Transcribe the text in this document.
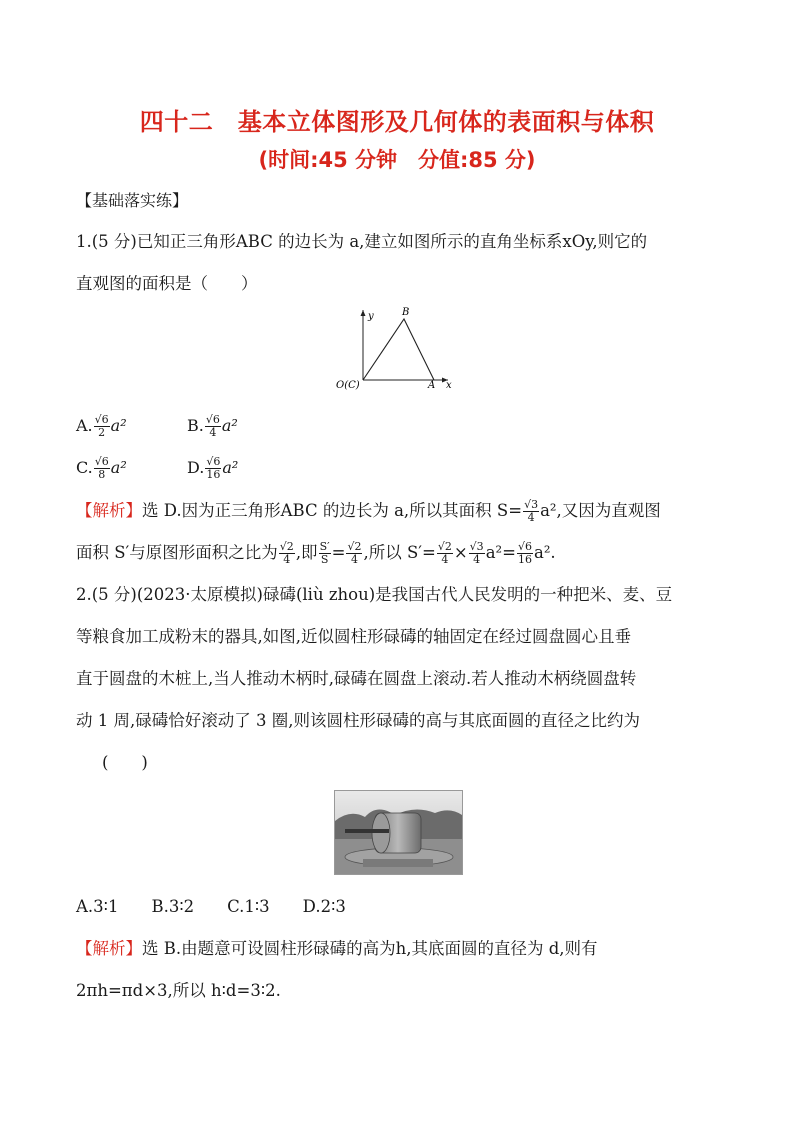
四十二　基本立体图形及几何体的表面积与体积
(时间:45 分钟　分值:85 分)
【基础落实练】
1.(5 分)已知正三角形ABC 的边长为 a,建立如图所示的直角坐标系xOy,则它的
直观图的面积是（　　）
y	B
O(C)	A x
A. $\frac{√6}{2} a^2$	B. $\frac{√6}{4} a^2$
C. $\frac{√6}{8} a^2$	D. $\frac{√6}{16} a^2$
【解析】选 D.因为正三角形ABC 的边长为 a,所以其面积 $S= \frac{√3}{4} a^2$,又因为直观图
面积 S′与原图形面积之比为 $\frac{√2}{4}$ ,即 $\frac{S'}{S} = \frac{√2}{4}$ ,所以 $S'= \frac{√2}{4} \times \frac{√3}{4} a^2= \frac{√6}{16} a^2$.
2.(5 分)(2023·太原模拟)碌碡(liù zhou)是我国古代人民发明的一种把米、麦、豆
等粮食加工成粉末的器具,如图,近似圆柱形碌碡的轴固定在经过圆盘圆心且垂
直于圆盘的木桩上,当人推动木柄时,碌碡在圆盘上滚动.若人推动木柄绕圆盘转
动 1 周,碌碡恰好滚动了 3 圈,则该圆柱形碌碡的高与其底面圆的直径之比约为
(　　)
A.3∶1　　B.3∶2　　C.1∶3　　D.2∶3
【解析】选 B.由题意可设圆柱形碌碡的高为h,其底面圆的直径为 d,则有
2πh=πd×3,所以 h∶d=3∶2.
